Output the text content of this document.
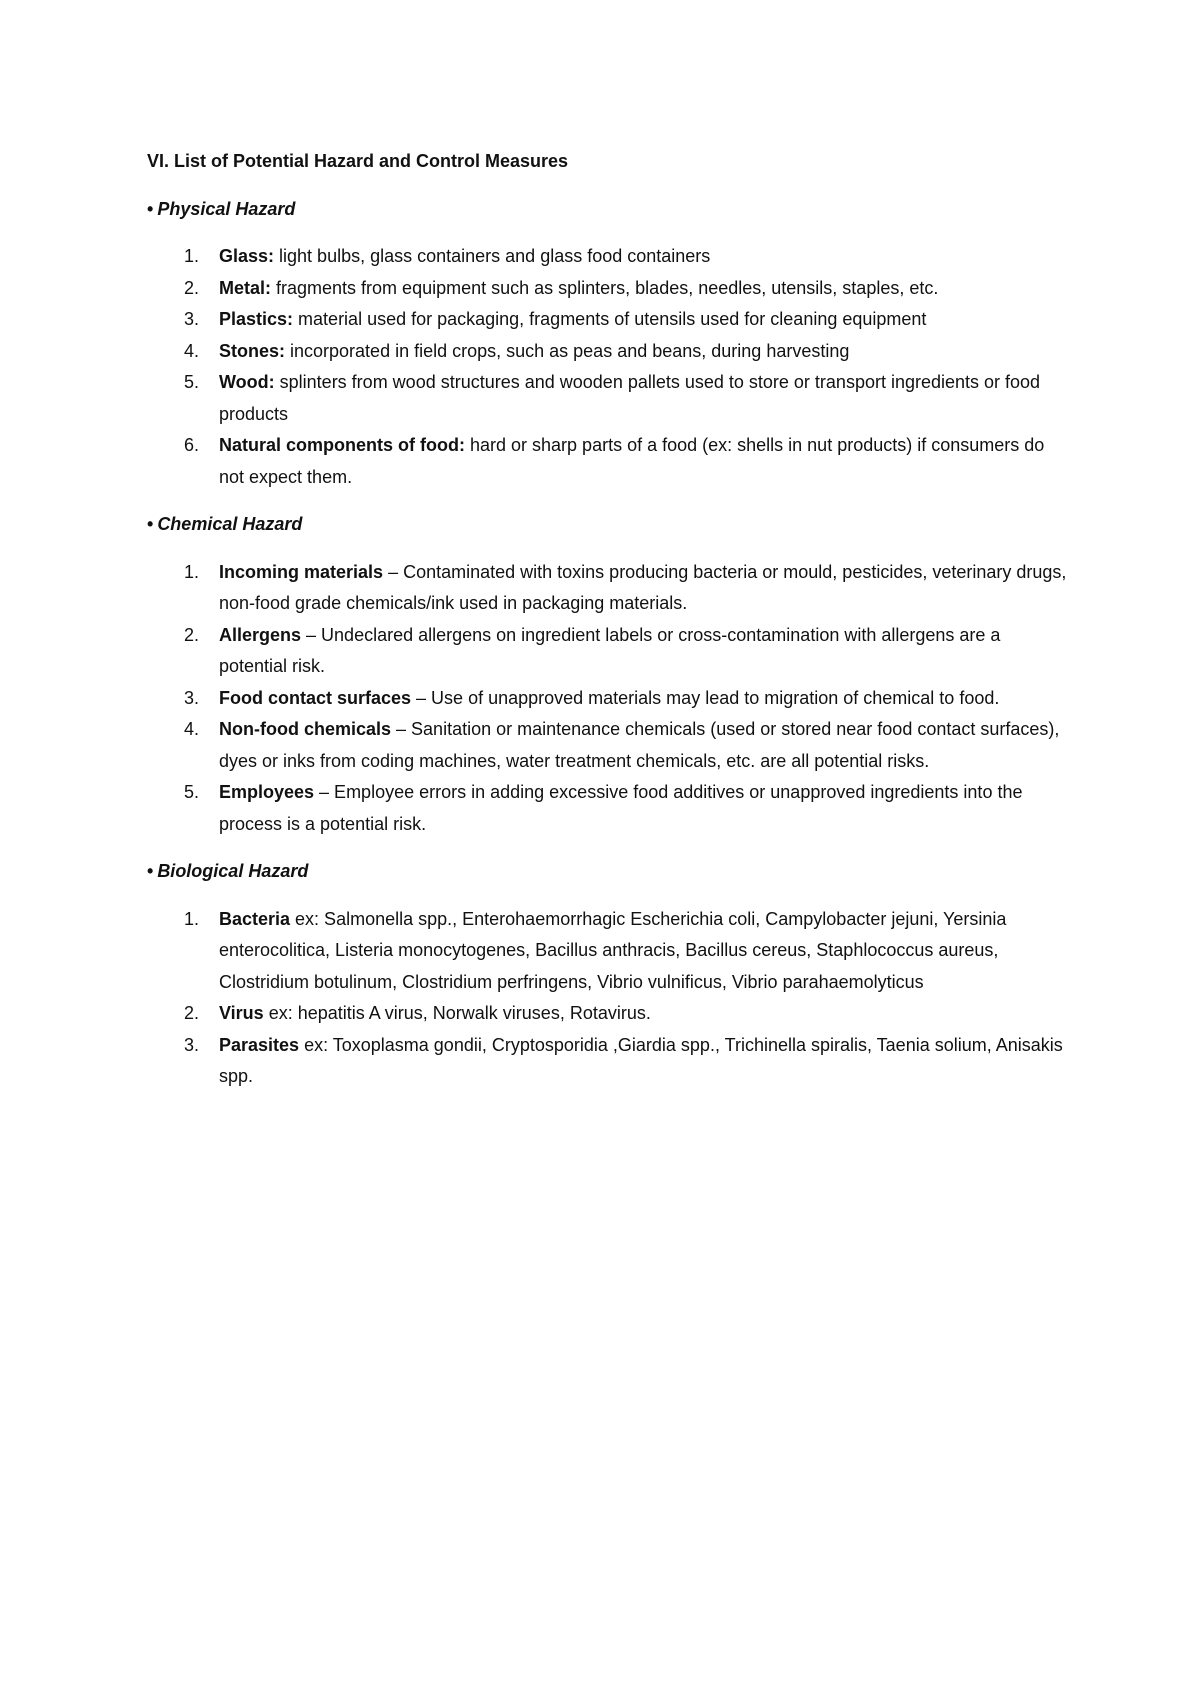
VI. List of Potential Hazard and Control Measures
• Physical Hazard
1. Glass: light bulbs, glass containers and glass food containers
2. Metal: fragments from equipment such as splinters, blades, needles, utensils, staples, etc.
3. Plastics: material used for packaging, fragments of utensils used for cleaning equipment
4. Stones: incorporated in field crops, such as peas and beans, during harvesting
5. Wood: splinters from wood structures and wooden pallets used to store or transport ingredients or food products
6. Natural components of food: hard or sharp parts of a food (ex: shells in nut products) if consumers do not expect them.
• Chemical Hazard
1. Incoming materials – Contaminated with toxins producing bacteria or mould, pesticides, veterinary drugs, non-food grade chemicals/ink used in packaging materials.
2. Allergens – Undeclared allergens on ingredient labels or cross-contamination with allergens are a potential risk.
3. Food contact surfaces – Use of unapproved materials may lead to migration of chemical to food.
4. Non-food chemicals – Sanitation or maintenance chemicals (used or stored near food contact surfaces), dyes or inks from coding machines, water treatment chemicals, etc. are all potential risks.
5. Employees – Employee errors in adding excessive food additives or unapproved ingredients into the process is a potential risk.
• Biological Hazard
1. Bacteria ex: Salmonella spp., Enterohaemorrhagic Escherichia coli, Campylobacter jejuni, Yersinia enterocolitica, Listeria monocytogenes, Bacillus anthracis, Bacillus cereus, Staphlococcus aureus, Clostridium botulinum, Clostridium perfringens, Vibrio vulnificus, Vibrio parahaemolyticus
2. Virus ex: hepatitis A virus, Norwalk viruses, Rotavirus.
3. Parasites ex: Toxoplasma gondii, Cryptosporidia ,Giardia spp., Trichinella spiralis, Taenia solium, Anisakis spp.
